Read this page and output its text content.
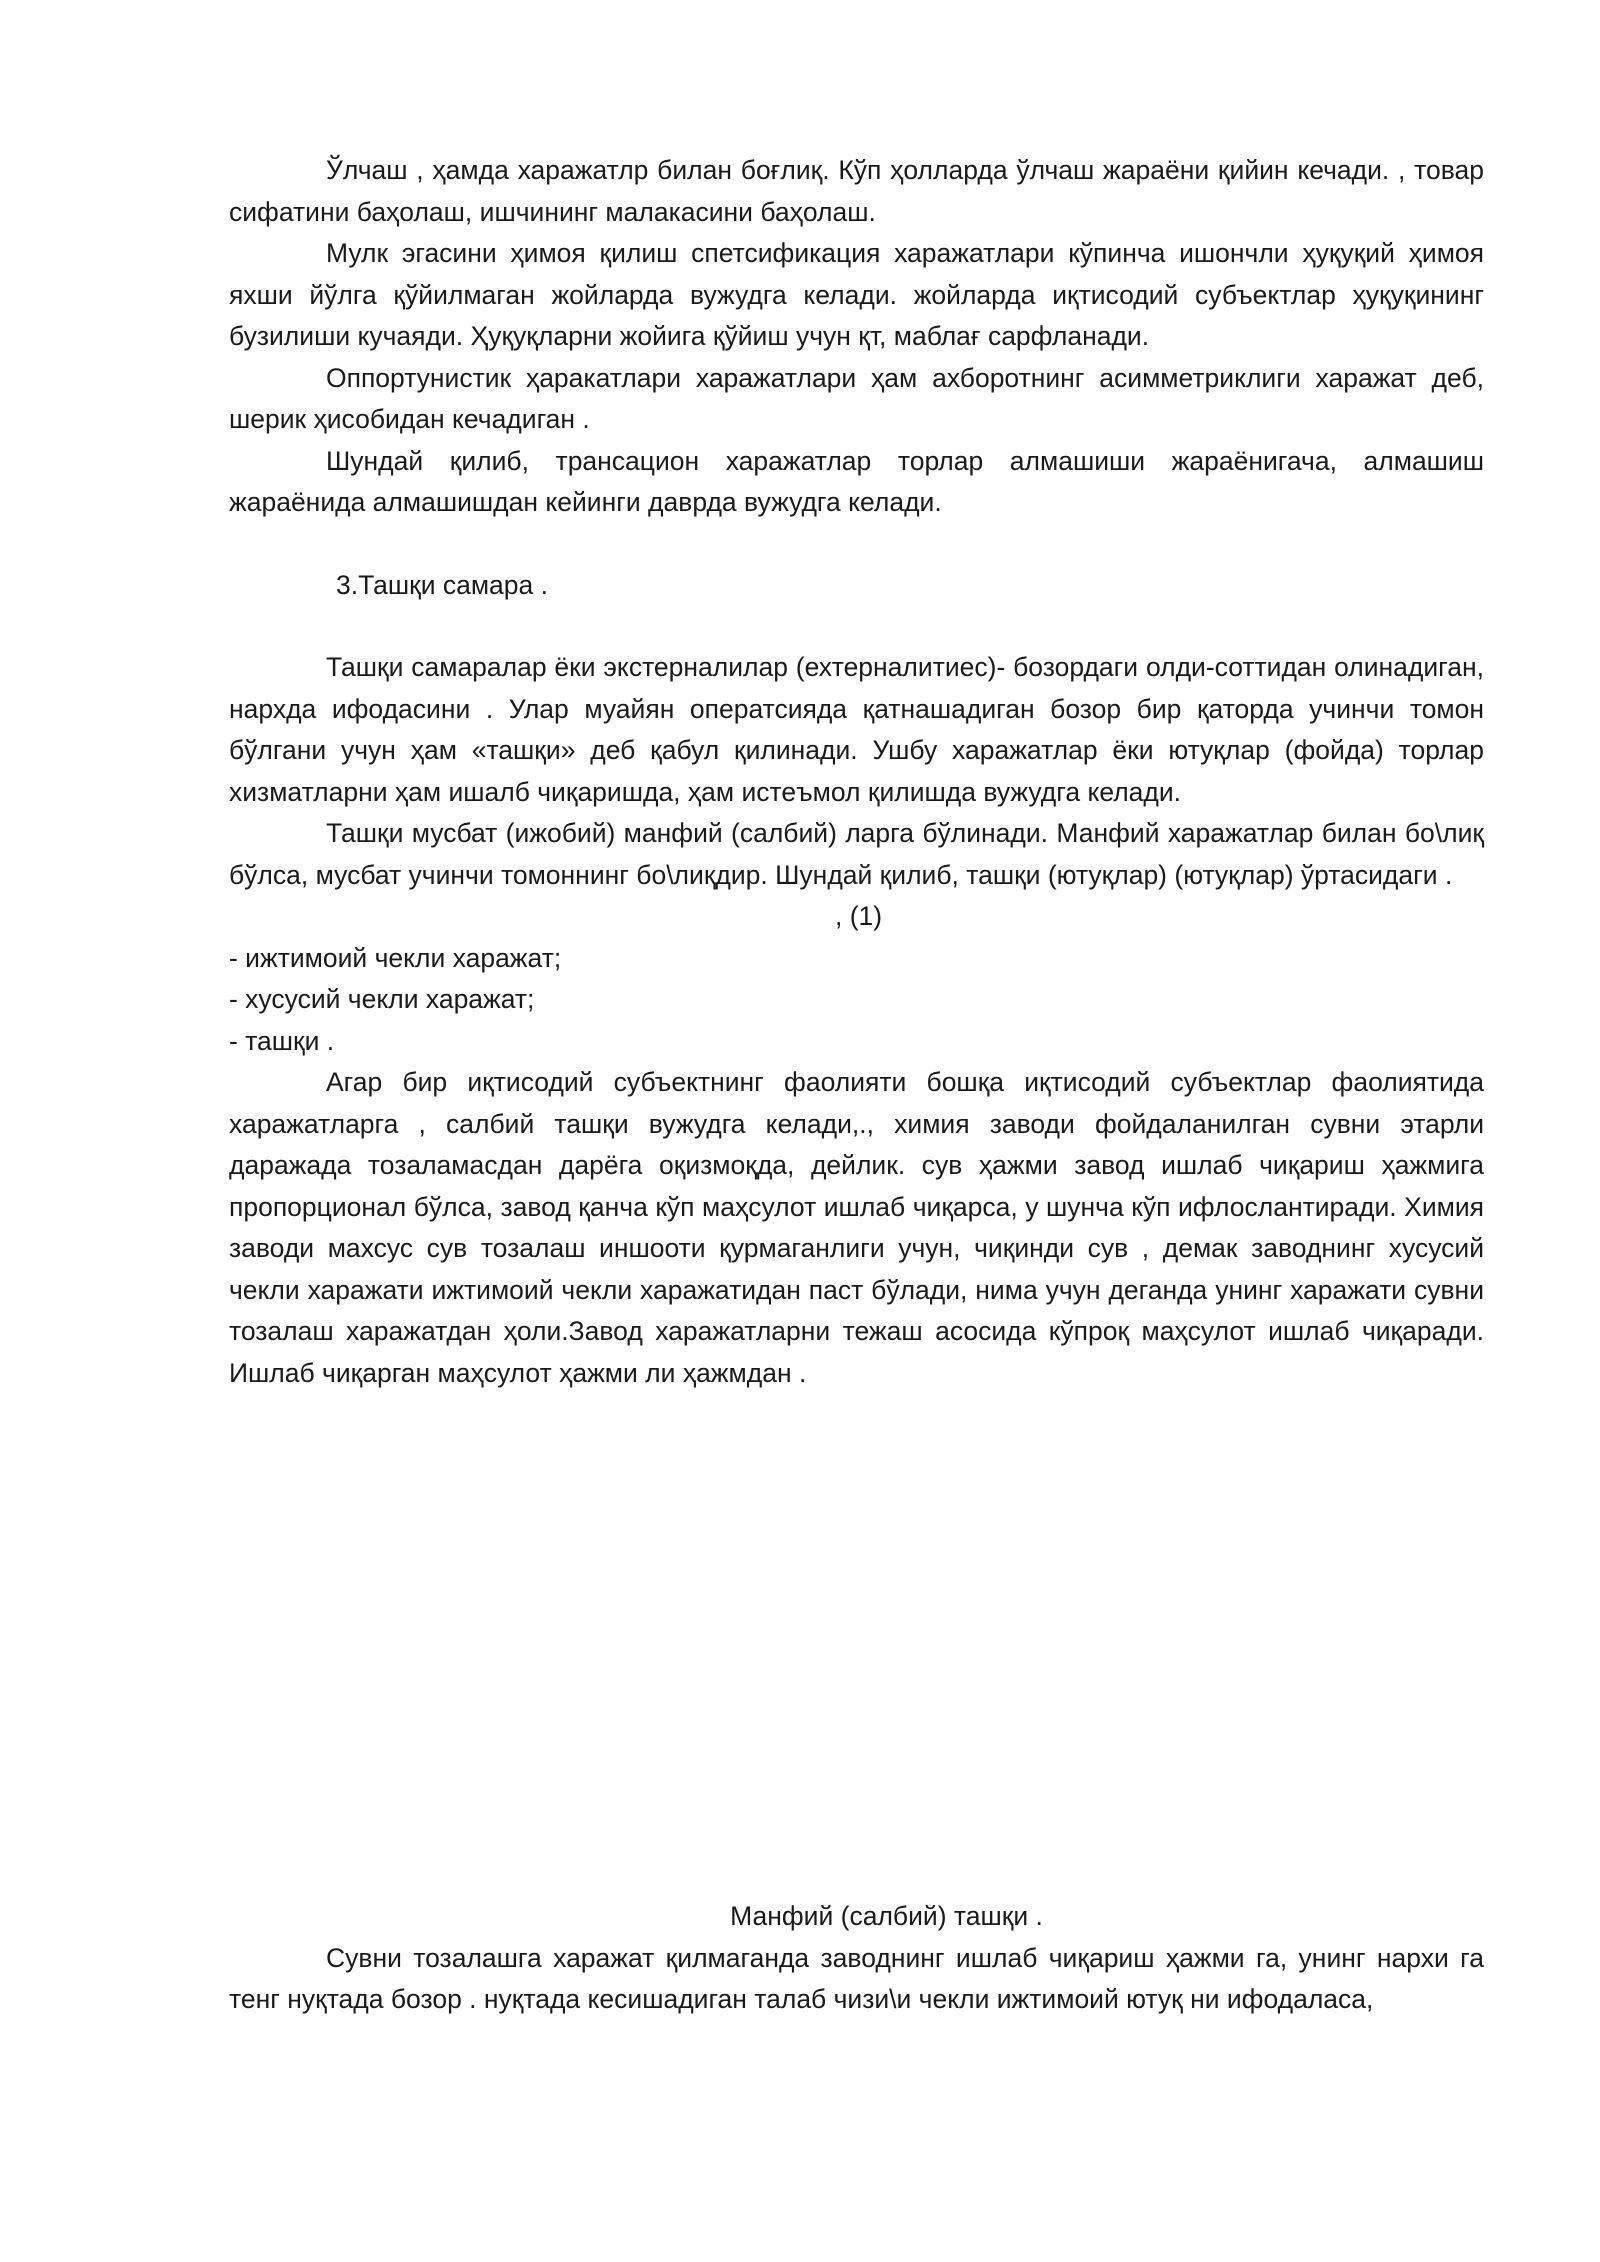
Ўлчаш , ҳамда харажатлр билан боғлиқ. Кўп ҳолларда ўлчаш жараёни қийин кечади. , товар сифатини баҳолаш, ишчининг малакасини баҳолаш.

Мулк эгасини ҳимоя қилиш спетсификация харажатлари кўпинча ишончли ҳуқуқий ҳимоя яхши йўлга қўйилмаган жойларда вужудга келади. жойларда иқтисодий субъектлар ҳуқуқининг бузилиши кучаяди. Ҳуқуқларни жойига қўйиш учун қт, маблағ сарфланади.

Оппортунистик ҳаракатлари харажатлари ҳам ахборотнинг асимметриклиги харажат деб, шерик ҳисобидан кечадиган .

Шундай қилиб, трансацион харажатлар торлар алмашиши жараёнигача, алмашиш жараёнида алмашишдан кейинги даврда вужудга келади.

3.Ташқи самара .

Ташқи самаралар ёки экстерналилар (ехтерналитиес)- бозордаги олди-соттидан олинадиган, нархда ифодасини . Улар муайян оператсияда қатнашадиган бозор бир қаторда учинчи томон бўлгани учун ҳам «ташқи» деб қабул қилинади. Ушбу харажатлар ёки ютуқлар (фойда) торлар хизматларни ҳам ишалб чиқаришда, ҳам истеъмол қилишда вужудга келади.

Ташқи мусбат (ижобий) манфий (салбий) ларга бўлинади. Манфий харажатлар билан бо\лиқ бўлса, мусбат учинчи томоннинг бо\лиқдир. Шундай қилиб, ташқи (ютуқлар) (ютуқлар) ўртасидаги .

, (1)

- ижтимоий чекли харажат;

- хусусий чекли харажат;

- ташқи .

Агар бир иқтисодий субъектнинг фаолияти бошқа иқтисодий субъектлар фаолиятида харажатларга , салбий ташқи вужудга келади,., химия заводи фойдаланилган сувни этарли даражада тозаламасдан дарёга оқизмоқда, дейлик. сув ҳажми завод ишлаб чиқариш ҳажмига пропорционал бўлса, завод қанча кўп маҳсулот ишлаб чиқарса, у шунча кўп ифлослантиради. Химия заводи махсус сув тозалаш иншооти қурмаганлиги учун, чиқинди сув , демак заводнинг хусусий чекли харажати ижтимоий чекли харажатидан паст бўлади, нима учун деганда унинг харажати сувни тозалаш харажатдан ҳоли.Завод харажатларни тежаш асосида кўпроқ маҳсулот ишлаб чиқаради. Ишлаб чиқарган маҳсулот ҳажми ли ҳажмдан .

Манфий (салбий) ташқи .

Сувни тозалашга харажат қилмаганда заводнинг ишлаб чиқариш ҳажми га, унинг нархи га тенг нуқтада бозор . нуқтада кесишадиган талаб чизи\и чекли ижтимоий ютуқ ни ифодаласа,
